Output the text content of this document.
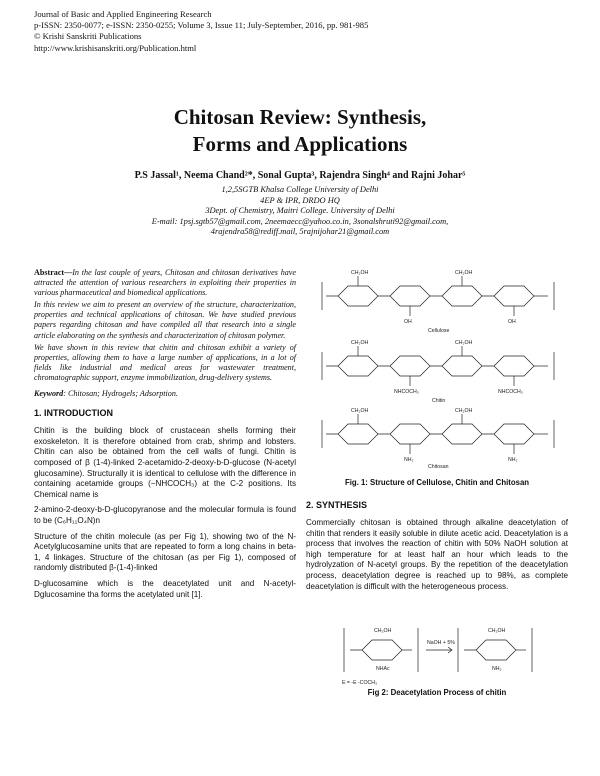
Journal of Basic and Applied Engineering Research
p-ISSN: 2350-0077; e-ISSN: 2350-0255; Volume 3, Issue 11; July-September, 2016, pp. 981-985
© Krishi Sanskriti Publications
http://www.krishisanskriti.org/Publication.html
Chitosan Review: Synthesis,
Forms and Applications
P.S Jassal¹, Neema Chand²*, Sonal Gupta³, Rajendra Singh⁴ and Rajni Johar⁵
1,2,5SGTB Khalsa College University of Delhi
4EP & IPR, DRDO HQ
3Dept. of Chemistry, Maitri College. University of Delhi
E-mail: 1psj.sgtb57@gmail.com, 2neemaecc@yahoo.co.in, 3sonalshruti92@gmail.com,
4rajendra58@rediff.mail, 5rajnijohar21@gmail.com

Abstract—In the last couple of years, Chitosan and chitosan derivatives have attracted the attention of various researchers in exploiting their properties in various pharmaceutical and biomedical applications.

In this review we aim to present an overview of the structure, characterization, properties and technical applications of chitosan. We have studied previous papers regarding chitosan and have compiled all that research into a single article elaborating on the synthesis and characterization of chitosan polymer.

We have shown in this review that chitin and chitosan exhibit a variety of properties, allowing them to have a large number of applications, in a lot of fields like industrial and medical areas for wastewater treatment, chromatographic support, enzyme immobilization, drug-delivery systems.

Keyword: Chitosan; Hydrogels; Adsorption.

1. INTRODUCTION

Chitin is the building block of crustacean shells forming their exoskeleton. It is therefore obtained from crab, shrimp and lobsters. Chitin can also be obtained from the cell walls of fungi. Chitin is composed of β (1-4)-linked 2-acetamido-2-deoxy-b-D-glucose (N-acetyl glucosamine). Structurally it is identical to cellulose with the difference in containing acetamide groups (−NHCOCH₃) at the C-2 positions. Its Chemical name is

2-amino-2-deoxy-b-D-glucopyranose and the molecular formula is found to be (C₆H₁₁O₄N)n

Structure of the chitin molecule (as per Fig 1), showing two of the N-Acetylglucosamine units that are repeated to form a long chains in beta-1, 4 linkages. Structure of the chitosan (as per Fig 1), composed of randomly distributed β-(1-4)-linked

D-glucosamine which is the deacetylated unit and N-acetyl-Dglucosamine tha forms the acetylated unit [1].

CH₂OH
OH
CH₂OH
OH
CH₂OH
NHCOCH₃
CH₂OH
NHCOCH₃
CH₂OH
NH₂
CH₂OH
NH₂
Cellulose
Chitin
Chitosan
Fig. 1: Structure of Cellulose, Chitin and Chitosan
2. SYNTHESIS
Commercially chitosan is obtained through alkaline deacetylation of chitin that renders it easily soluble in dilute acetic acid. Deacetylation is a process that involves the reaction of chitin with 50% NaOH solution at high temperature for at least half an hour which leads to the hydrolyzation of N-acetyl groups. By the repetition of the deacetylation process, deacetylation degree is reached up to 98%, as complete deacetylation is difficult with the heterogeneous process.
CH₂OH	CH₂OH
NHAc	NH₂
NaOH + 5%
E = -E -COCH₃
Fig 2: Deacetylation Process of chitin
